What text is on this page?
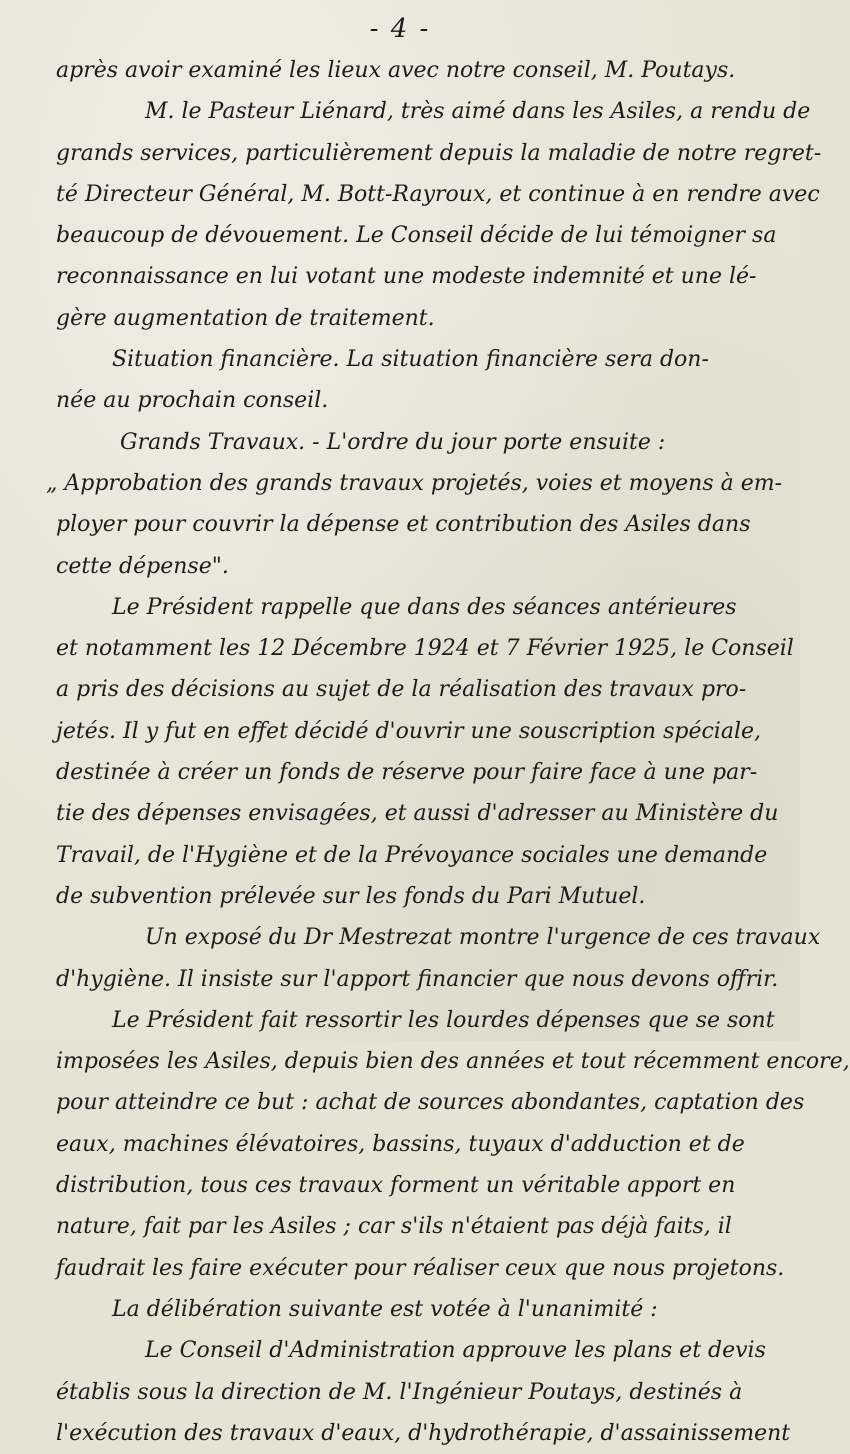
- 4 -
après avoir examiné les lieux avec notre conseil, M. Poutays.
M. le Pasteur Liénard, très aimé dans les Asiles, a rendu de
grands services, particulièrement depuis la maladie de notre regret-
té Directeur Général, M. Bott-Rayroux, et continue à en rendre avec
beaucoup de dévouement. Le Conseil décide de lui témoigner sa
reconnaissance en lui votant une modeste indemnité et une lé-
gère augmentation de traitement.
Situation financière. La situation financière sera don-
née au prochain conseil.
Grands Travaux. - L'ordre du jour porte ensuite :
„ Approbation des grands travaux projetés, voies et moyens à em-
ployer pour couvrir la dépense et contribution des Asiles dans
cette dépense".
Le Président rappelle que dans des séances antérieures
et notamment les 12 Décembre 1924 et 7 Février 1925, le Conseil
a pris des décisions au sujet de la réalisation des travaux pro-
jetés. Il y fut en effet décidé d'ouvrir une souscription spéciale,
destinée à créer un fonds de réserve pour faire face à une par-
tie des dépenses envisagées, et aussi d'adresser au Ministère du
Travail, de l'Hygiène et de la Prévoyance sociales une demande
de subvention prélevée sur les fonds du Pari Mutuel.
Un exposé du Dr Mestrezat montre l'urgence de ces travaux
d'hygiène. Il insiste sur l'apport financier que nous devons offrir.
Le Président fait ressortir les lourdes dépenses que se sont
imposées les Asiles, depuis bien des années et tout récemment encore,
pour atteindre ce but : achat de sources abondantes, captation des
eaux, machines élévatoires, bassins, tuyaux d'adduction et de
distribution, tous ces travaux forment un véritable apport en
nature, fait par les Asiles ; car s'ils n'étaient pas déjà faits, il
faudrait les faire exécuter pour réaliser ceux que nous projetons.
La délibération suivante est votée à l'unanimité :
Le Conseil d'Administration approuve les plans et devis
établis sous la direction de M. l'Ingénieur Poutays, destinés à
l'exécution des travaux d'eaux, d'hydrothérapie, d'assainissement
